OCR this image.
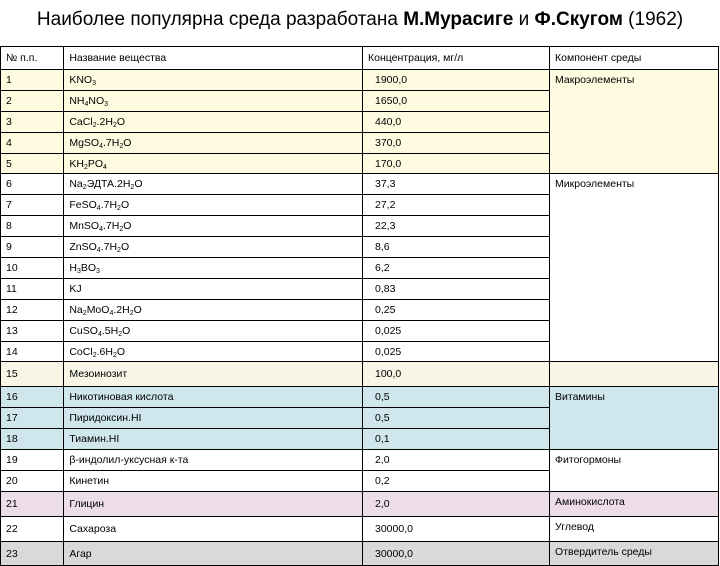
Наиболее популярна среда разработана М.Мурасиге и Ф.Скугом (1962)
№ п.п.	Название вещества	Концентрация, мг/л	Компонент среды
1	$KNO_3$	1900,0	Макроэлементы
2	$NH_4NO_3$	1650,0	
3	$CaCl_2.2H_2O$	440,0	
4	$MgSO_4.7H_2O$	370,0	
5	$KH_2PO_4$	170,0	
6	$Na_2ЭДТА.2H_2O$	37,3	Микроэлементы
7	$FeSO_4.7H_2O$	27,2	
8	$MnSO_4.7H_2O$	22,3	
9	$ZnSO_4.7H_2O$	8,6	
10	$H_3BO_3$	6,2	
11	KJ	0,83	
12	$Na_2MoO_4.2H_2O$	0,25	
13	$CuSO_4.5H_2O$	0,025	
14	$CoCl_2.6H_2O$	0,025	
15	Мезоинозит	100,0	
16	Никотиновая кислота	0,5	Витамины
17	Пиридоксин.HI	0,5	
18	Тиамин.HI	0,1	
19	β-индолил-уксусная к-та	2,0	Фитогормоны
20	Кинетин	0,2	
21	Глицин	2,0	Аминокислота
22	Сахароза	30000,0	Углевод
23	Агар	30000,0	Отвердитель среды
